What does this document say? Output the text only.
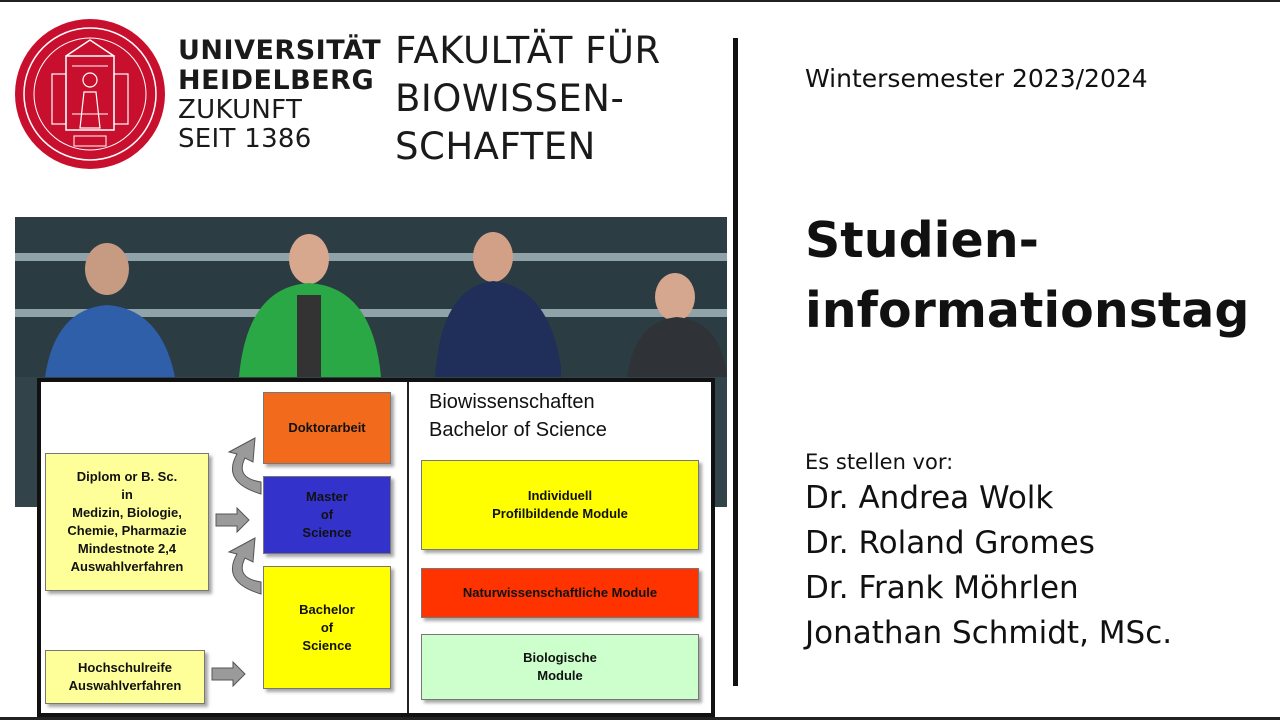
UNIVERSITÄT
HEIDELBERG
ZUKUNFT
SEIT 1386
FAKULTÄT FÜR
BIOWISSEN-
SCHAFTEN
Doktorarbeit
Master
of
Science
Bachelor
of
Science
Diplom or B. Sc.
in
Medizin, Biologie,
Chemie, Pharmazie
Mindestnote 2,4
Auswahlverfahren
Hochschulreife
Auswahlverfahren
Individuell
Profilbildende Module
Naturwissenschaftliche Module
Biologische
Module
Biowissenschaften
Bachelor of Science
Wintersemester 2023/2024
Studien-
informationstag
Es stellen vor:
Dr. Andrea Wolk
Dr. Roland Gromes
Dr. Frank Möhrlen
Jonathan Schmidt, MSc.
